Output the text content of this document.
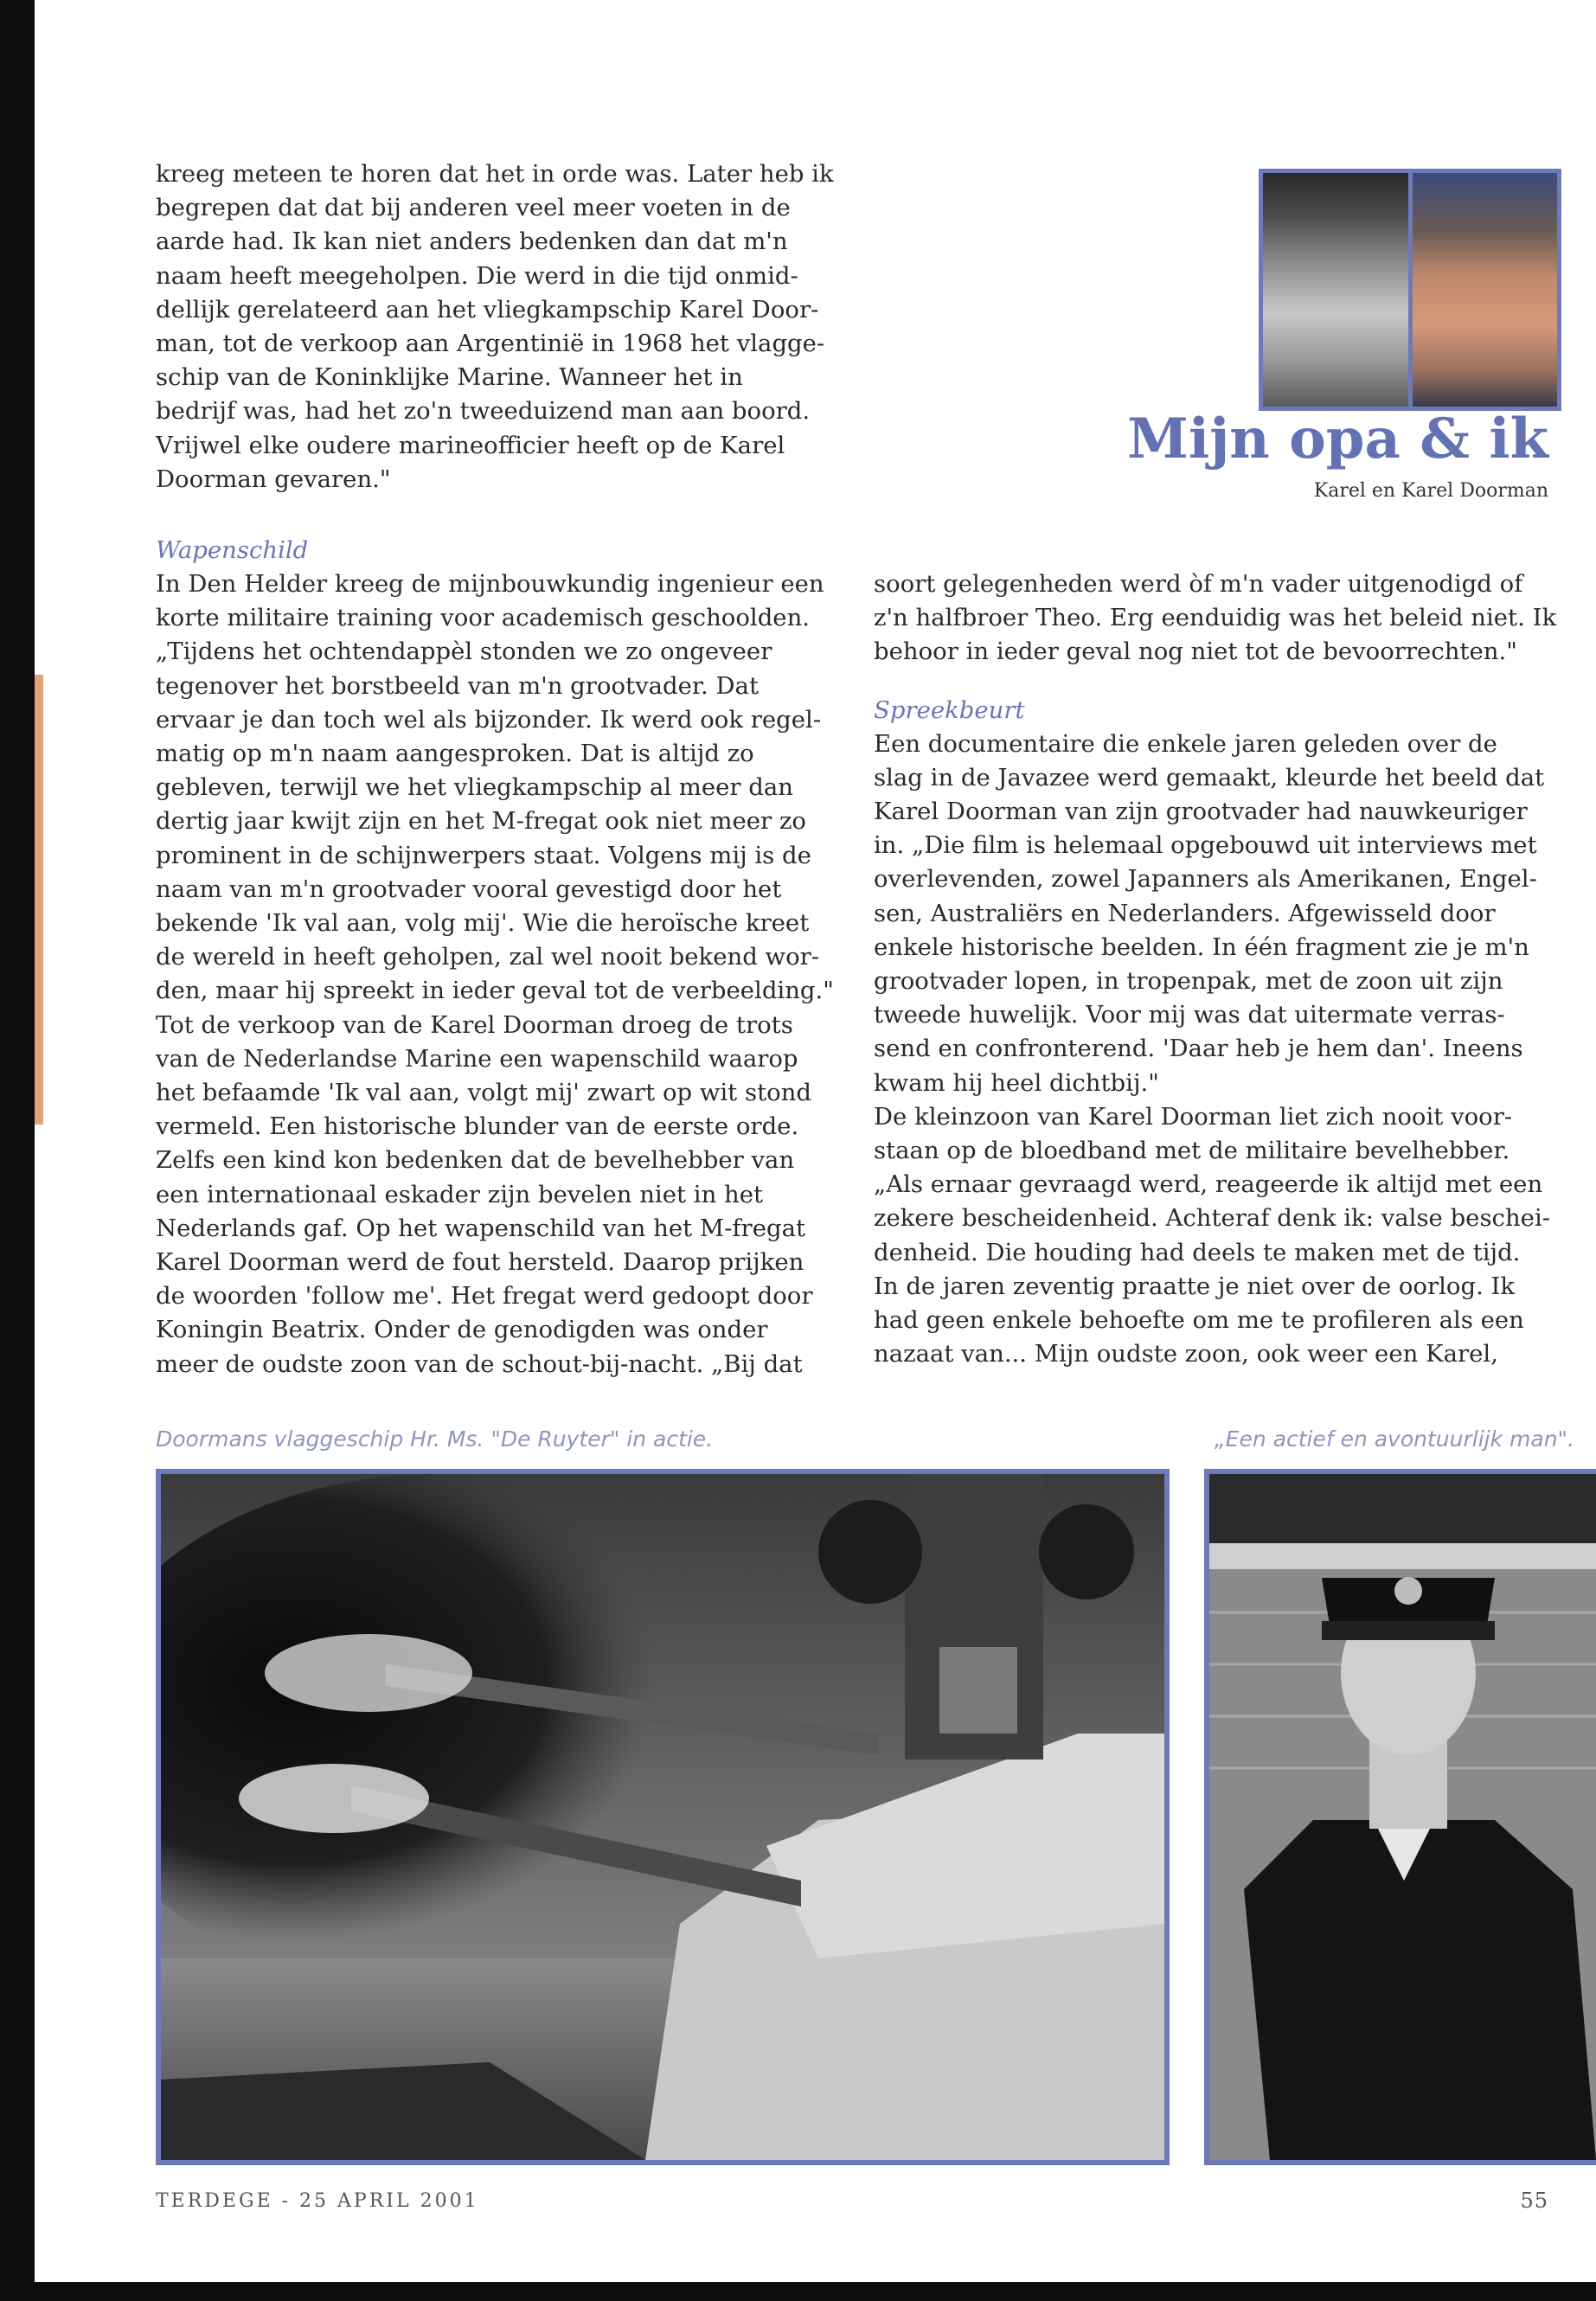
kreeg meteen te horen dat het in orde was. Later heb ik

begrepen dat dat bij anderen veel meer voeten in de

aarde had. Ik kan niet anders bedenken dan dat m'n

naam heeft meegeholpen. Die werd in die tijd onmid-

dellijk gerelateerd aan het vliegkampschip Karel Door-

man, tot de verkoop aan Argentinië in 1968 het vlagge-

schip van de Koninklijke Marine. Wanneer het in

bedrijf was, had het zo'n tweeduizend man aan boord.

Vrijwel elke oudere marineofficier heeft op de Karel

Doorman gevaren."

Mijn opa & ik
Karel en Karel Doorman
Wapenschild

In Den Helder kreeg de mijnbouwkundig ingenieur een

korte militaire training voor academisch geschoolden.

„Tijdens het ochtendappèl stonden we zo ongeveer

tegenover het borstbeeld van m'n grootvader. Dat

ervaar je dan toch wel als bijzonder. Ik werd ook regel-

matig op m'n naam aangesproken. Dat is altijd zo

gebleven, terwijl we het vliegkampschip al meer dan

dertig jaar kwijt zijn en het M-fregat ook niet meer zo

prominent in de schijnwerpers staat. Volgens mij is de

naam van m'n grootvader vooral gevestigd door het

bekende 'Ik val aan, volg mij'. Wie die heroïsche kreet

de wereld in heeft geholpen, zal wel nooit bekend wor-

den, maar hij spreekt in ieder geval tot de verbeelding."

Tot de verkoop van de Karel Doorman droeg de trots

van de Nederlandse Marine een wapenschild waarop

het befaamde 'Ik val aan, volgt mij' zwart op wit stond

vermeld. Een historische blunder van de eerste orde.

Zelfs een kind kon bedenken dat de bevelhebber van

een internationaal eskader zijn bevelen niet in het

Nederlands gaf. Op het wapenschild van het M-fregat

Karel Doorman werd de fout hersteld. Daarop prijken

de woorden 'follow me'. Het fregat werd gedoopt door

Koningin Beatrix. Onder de genodigden was onder

meer de oudste zoon van de schout-bij-nacht. „Bij dat

soort gelegenheden werd òf m'n vader uitgenodigd of

z'n halfbroer Theo. Erg eenduidig was het beleid niet. Ik

behoor in ieder geval nog niet tot de bevoorrechten."

Spreekbeurt

Een documentaire die enkele jaren geleden over de

slag in de Javazee werd gemaakt, kleurde het beeld dat

Karel Doorman van zijn grootvader had nauwkeuriger

in. „Die film is helemaal opgebouwd uit interviews met

overlevenden, zowel Japanners als Amerikanen, Engel-

sen, Australiërs en Nederlanders. Afgewisseld door

enkele historische beelden. In één fragment zie je m'n

grootvader lopen, in tropenpak, met de zoon uit zijn

tweede huwelijk. Voor mij was dat uitermate verras-

send en confronterend. 'Daar heb je hem dan'. Ineens

kwam hij heel dichtbij."

De kleinzoon van Karel Doorman liet zich nooit voor-

staan op de bloedband met de militaire bevelhebber.

„Als ernaar gevraagd werd, reageerde ik altijd met een

zekere bescheidenheid. Achteraf denk ik: valse beschei-

denheid. Die houding had deels te maken met de tijd.

In de jaren zeventig praatte je niet over de oorlog. Ik

had geen enkele behoefte om me te profileren als een

nazaat van... Mijn oudste zoon, ook weer een Karel,

Doormans vlaggeschip Hr. Ms. "De Ruyter" in actie.	„Een actief en avontuurlijk man".
TERDEGE - 25 APRIL 2001	55
